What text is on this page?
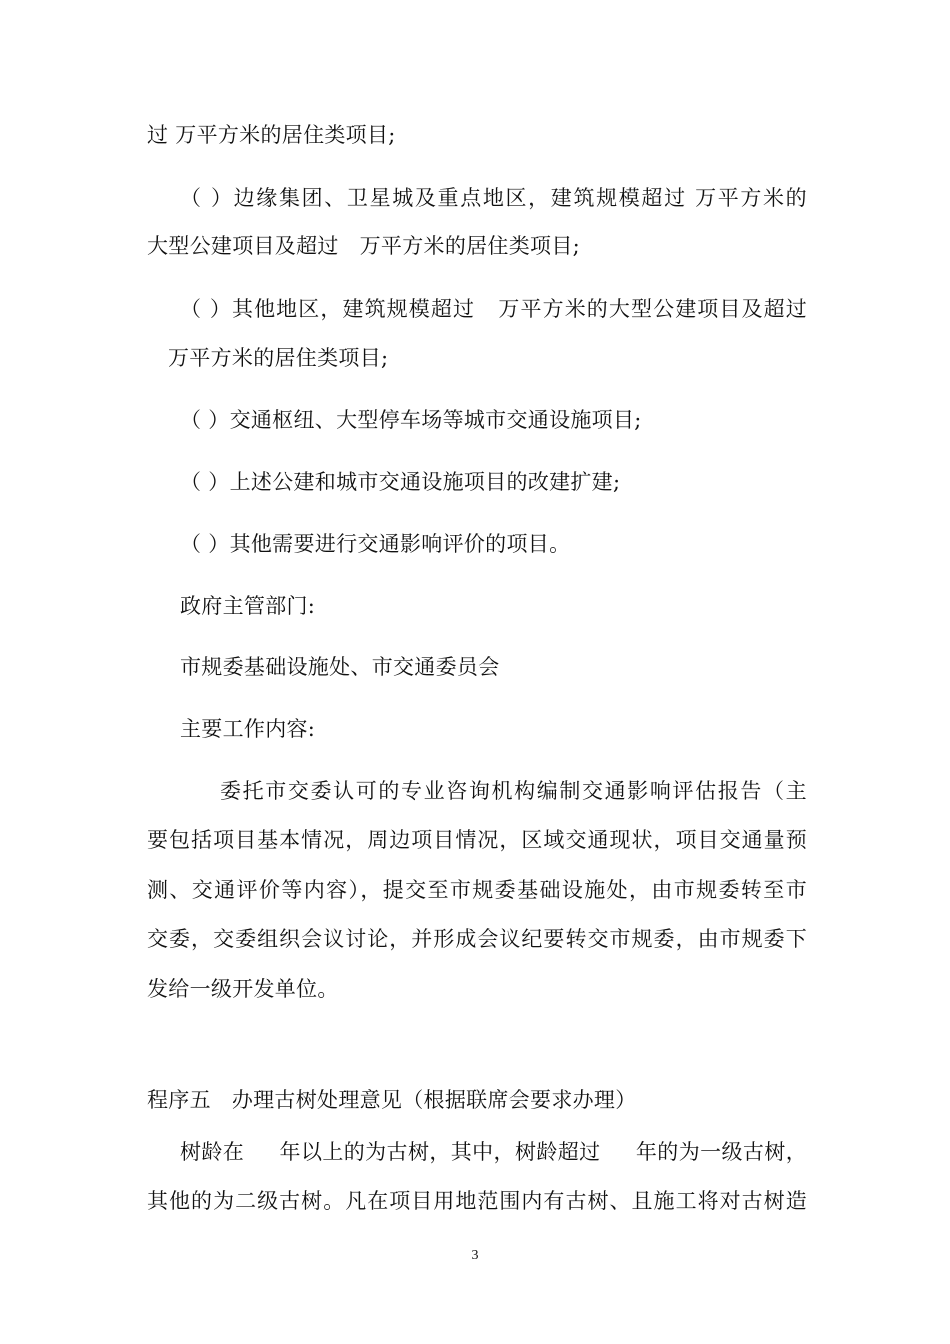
过 万平方米的居住类项目;
（ ）边缘集团、卫星城及重点地区，建筑规模超过 万平方米的
大型公建项目及超过   万平方米的居住类项目;
（ ）其他地区，建筑规模超过   万平方米的大型公建项目及超过
万平方米的居住类项目;
（ ）交通枢纽、大型停车场等城市交通设施项目;
（ ）上述公建和城市交通设施项目的改建扩建;
（ ）其他需要进行交通影响评价的项目。
政府主管部门:
市规委基础设施处、市交通委员会
主要工作内容:
委托市交委认可的专业咨询机构编制交通影响评估报告（主
要包括项目基本情况，周边项目情况，区域交通现状，项目交通量预
测、交通评价等内容），提交至市规委基础设施处，由市规委转至市
交委，交委组织会议讨论，并形成会议纪要转交市规委，由市规委下
发给一级开发单位。
程序五   办理古树处理意见（根据联席会要求办理）
树龄在     年以上的为古树，其中，树龄超过     年的为一级古树，
其他的为二级古树。凡在项目用地范围内有古树、且施工将对古树造
3
